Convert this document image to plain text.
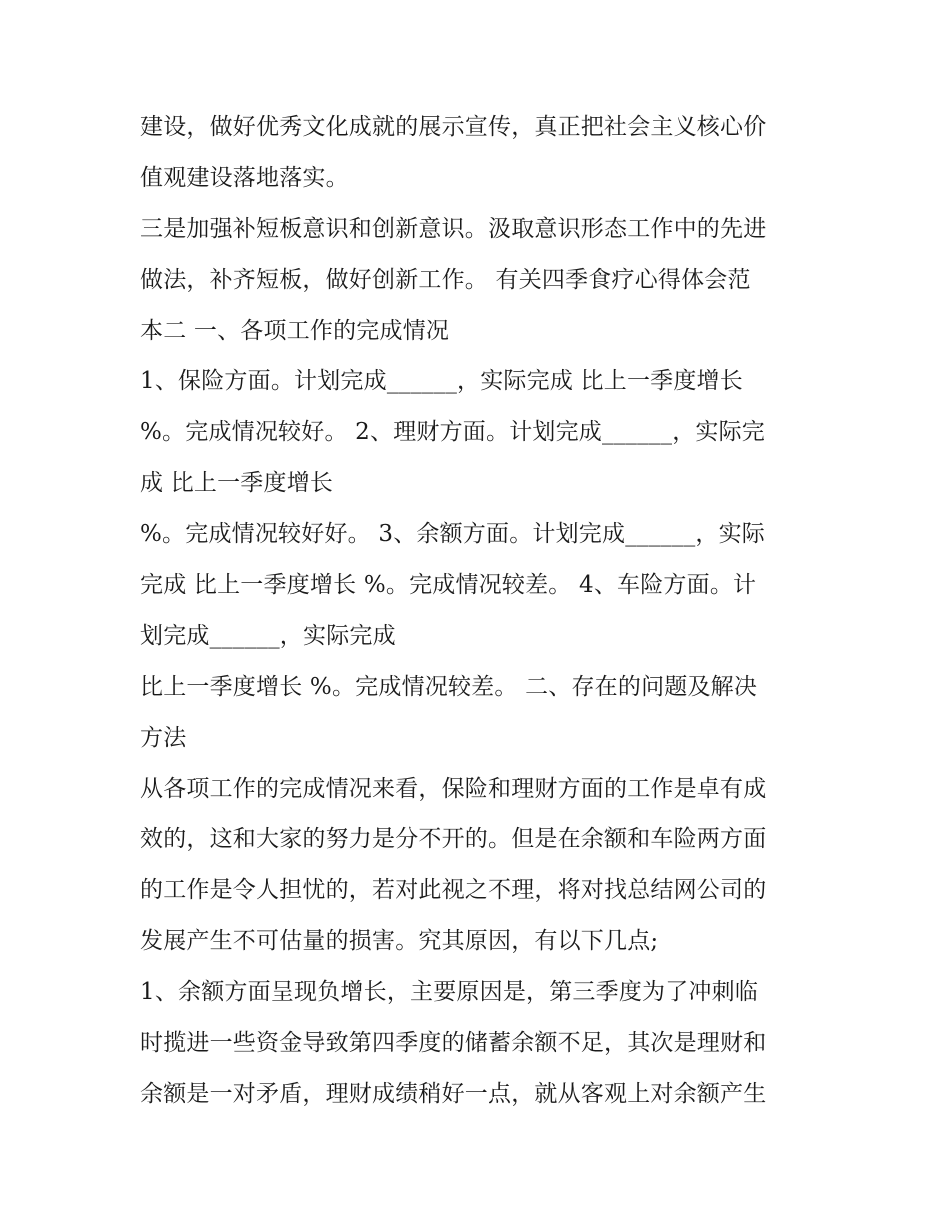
建设，做好优秀文化成就的展示宣传，真正把社会主义核心价
值观建设落地落实。
三是加强补短板意识和创新意识。汲取意识形态工作中的先进
做法，补齐短板，做好创新工作。 有关四季食疗心得体会范
本二 一、各项工作的完成情况
1、保险方面。计划完成______，实际完成 比上一季度增长
%。完成情况较好。 2、理财方面。计划完成______，实际完
成 比上一季度增长
%。完成情况较好好。 3、余额方面。计划完成______，实际
完成 比上一季度增长 %。完成情况较差。 4、车险方面。计
划完成______，实际完成
比上一季度增长 %。完成情况较差。 二、存在的问题及解决
方法
从各项工作的完成情况来看，保险和理财方面的工作是卓有成
效的，这和大家的努力是分不开的。但是在余额和车险两方面
的工作是令人担忧的，若对此视之不理，将对找总结网公司的
发展产生不可估量的损害。究其原因，有以下几点;
1、余额方面呈现负增长，主要原因是，第三季度为了冲刺临
时揽进一些资金导致第四季度的储蓄余额不足，其次是理财和
余额是一对矛盾，理财成绩稍好一点，就从客观上对余额产生
